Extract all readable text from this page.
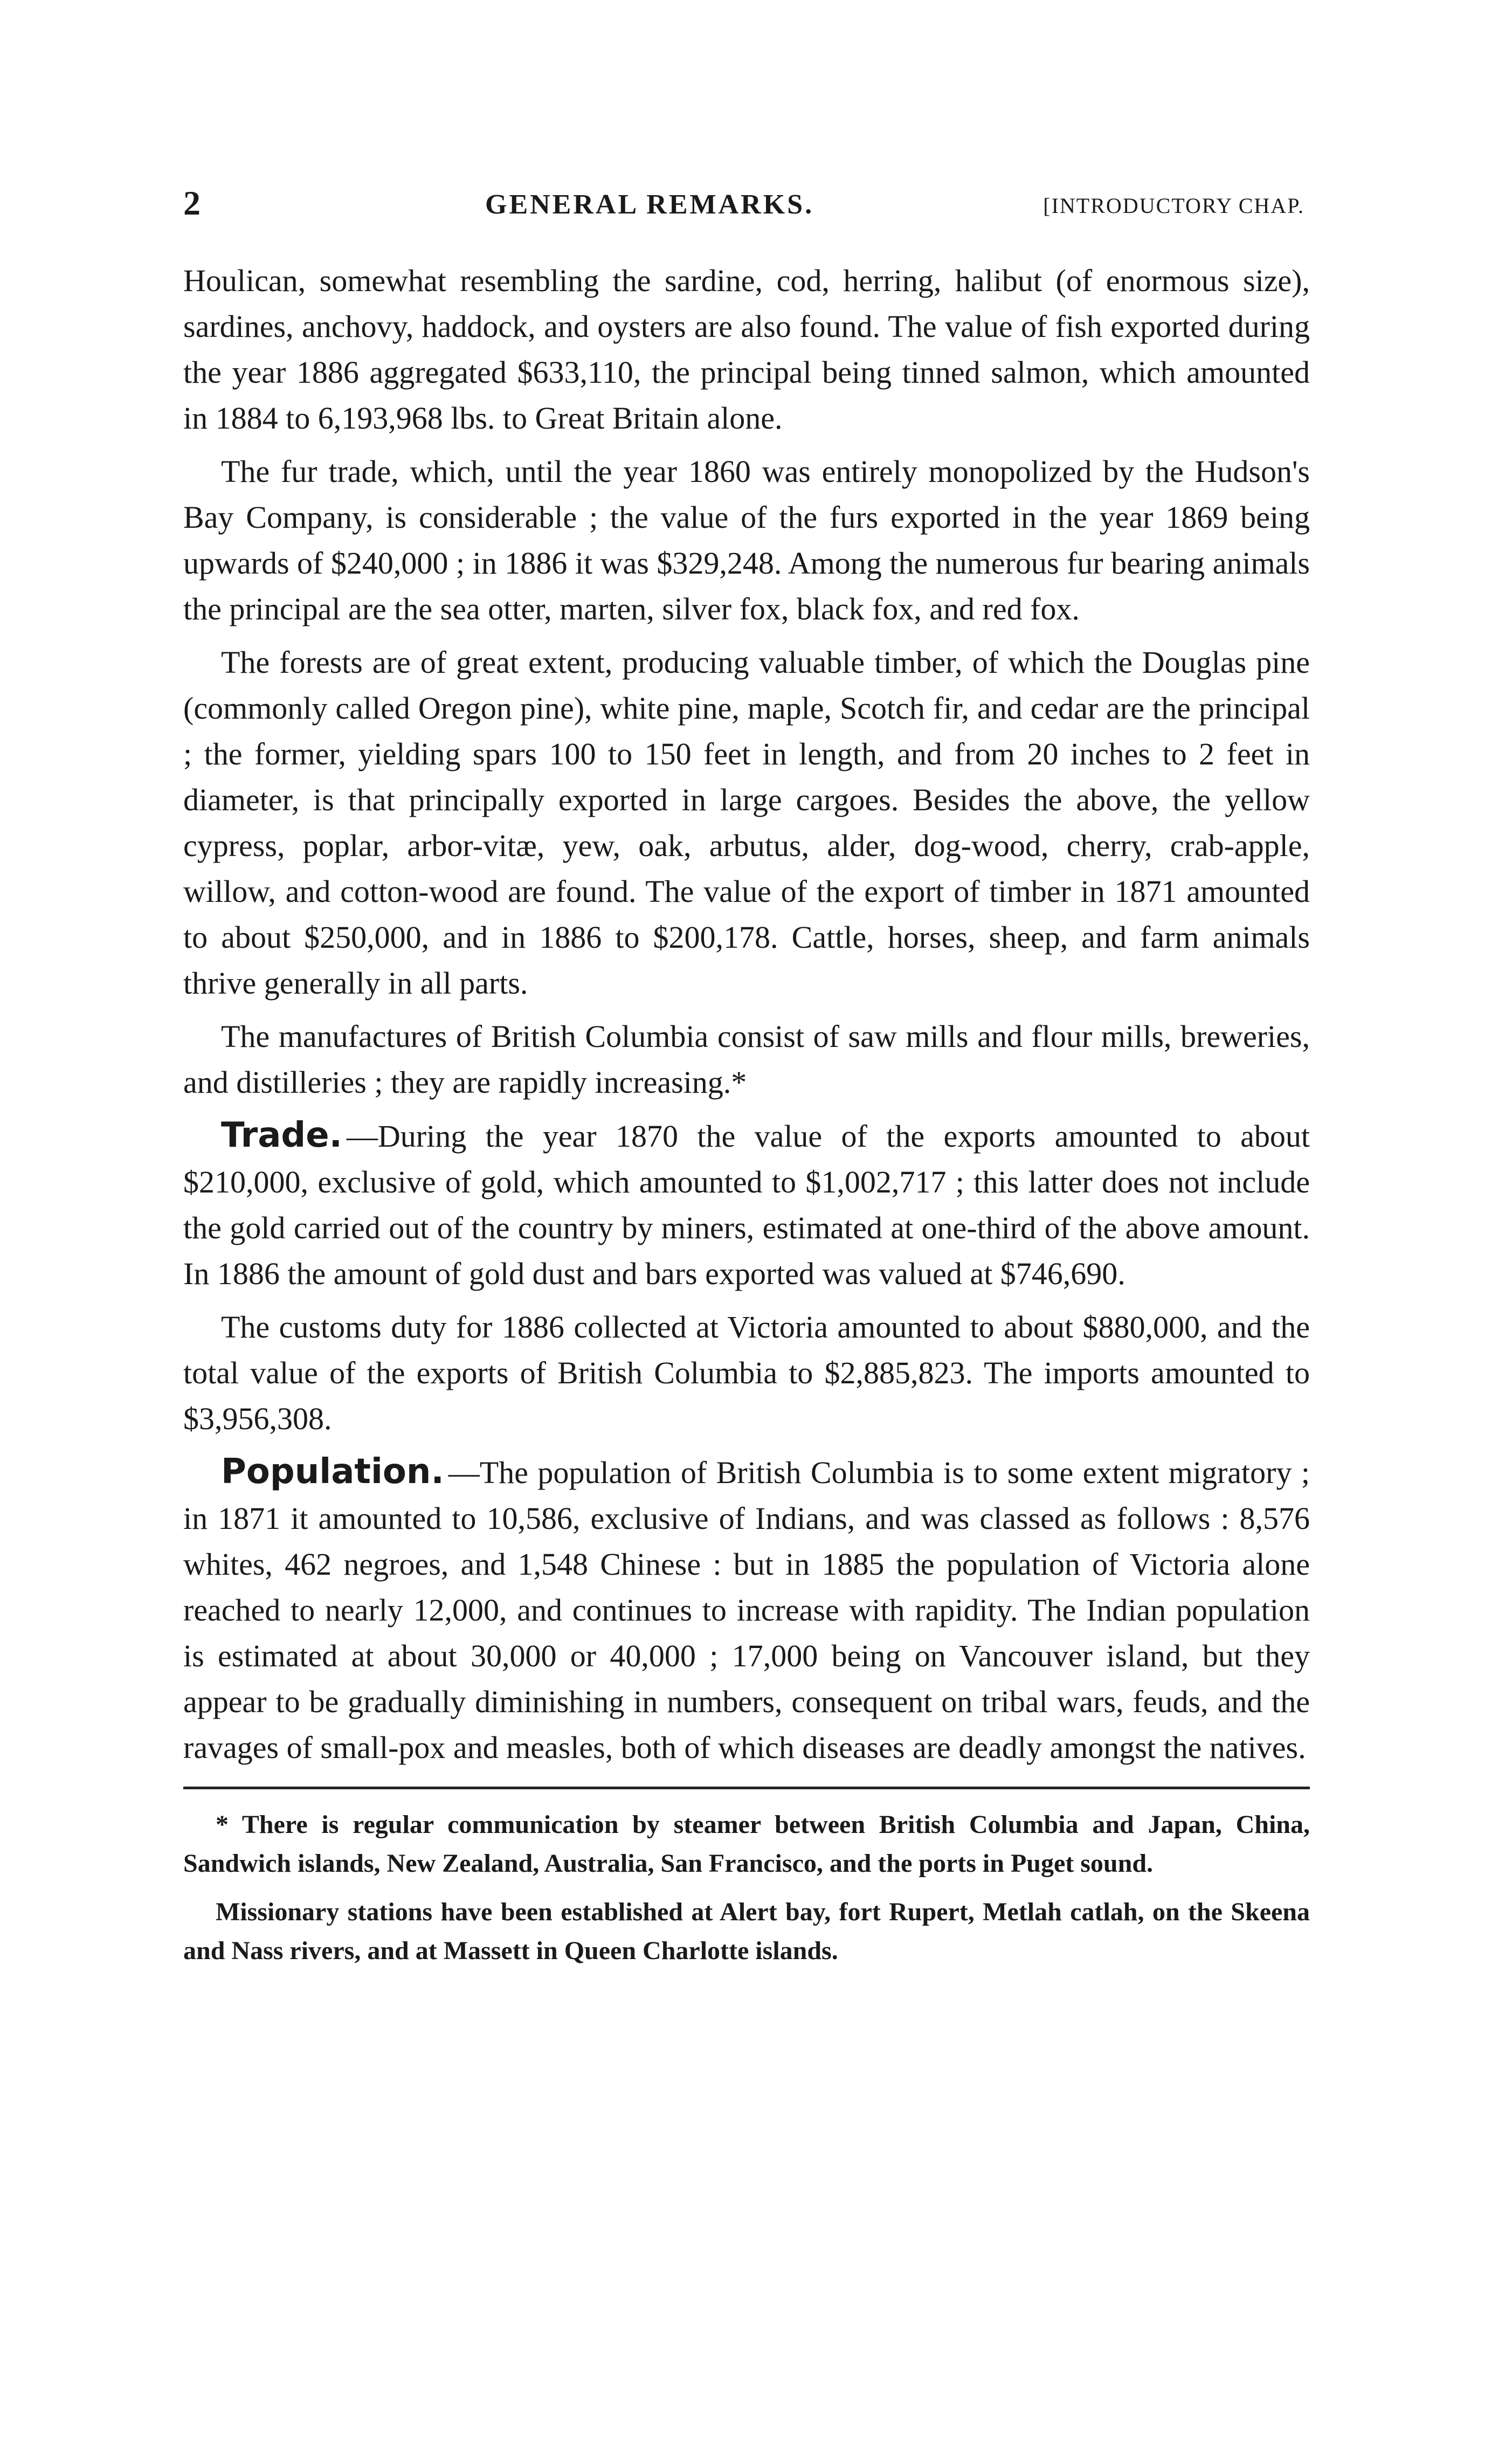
2	GENERAL REMARKS.	[INTRODUCTORY CHAP.

Houlican, somewhat resembling the sardine, cod, herring, halibut (of enormous size), sardines, anchovy, haddock, and oysters are also found. The value of fish exported during the year 1886 aggregated $633,110, the principal being tinned salmon, which amounted in 1884 to 6,193,968 lbs. to Great Britain alone.

The fur trade, which, until the year 1860 was entirely monopolized by the Hudson's Bay Company, is considerable ; the value of the furs exported in the year 1869 being upwards of $240,000 ; in 1886 it was $329,248. Among the numerous fur bearing animals the principal are the sea otter, marten, silver fox, black fox, and red fox.

The forests are of great extent, producing valuable timber, of which the Douglas pine (commonly called Oregon pine), white pine, maple, Scotch fir, and cedar are the principal ; the former, yielding spars 100 to 150 feet in length, and from 20 inches to 2 feet in diameter, is that principally exported in large cargoes. Besides the above, the yellow cypress, poplar, arbor-vitæ, yew, oak, arbutus, alder, dog-wood, cherry, crab-apple, willow, and cotton-wood are found. The value of the export of timber in 1871 amounted to about $250,000, and in 1886 to $200,178. Cattle, horses, sheep, and farm animals thrive generally in all parts.

The manufactures of British Columbia consist of saw mills and flour mills, breweries, and distilleries ; they are rapidly increasing.*

Trade. —During the year 1870 the value of the exports amounted to about $210,000, exclusive of gold, which amounted to $1,002,717 ; this latter does not include the gold carried out of the country by miners, estimated at one-third of the above amount. In 1886 the amount of gold dust and bars exported was valued at $746,690.

The customs duty for 1886 collected at Victoria amounted to about $880,000, and the total value of the exports of British Columbia to $2,885,823. The imports amounted to $3,956,308.

Population. —The population of British Columbia is to some extent migratory ; in 1871 it amounted to 10,586, exclusive of Indians, and was classed as follows : 8,576 whites, 462 negroes, and 1,548 Chinese : but in 1885 the population of Victoria alone reached to nearly 12,000, and continues to increase with rapidity. The Indian population is estimated at about 30,000 or 40,000 ; 17,000 being on Vancouver island, but they appear to be gradually diminishing in numbers, consequent on tribal wars, feuds, and the ravages of small-pox and measles, both of which diseases are deadly amongst the natives.

* There is regular communication by steamer between British Columbia and Japan, China, Sandwich islands, New Zealand, Australia, San Francisco, and the ports in Puget sound.

Missionary stations have been established at Alert bay, fort Rupert, Metlah catlah, on the Skeena and Nass rivers, and at Massett in Queen Charlotte islands.
